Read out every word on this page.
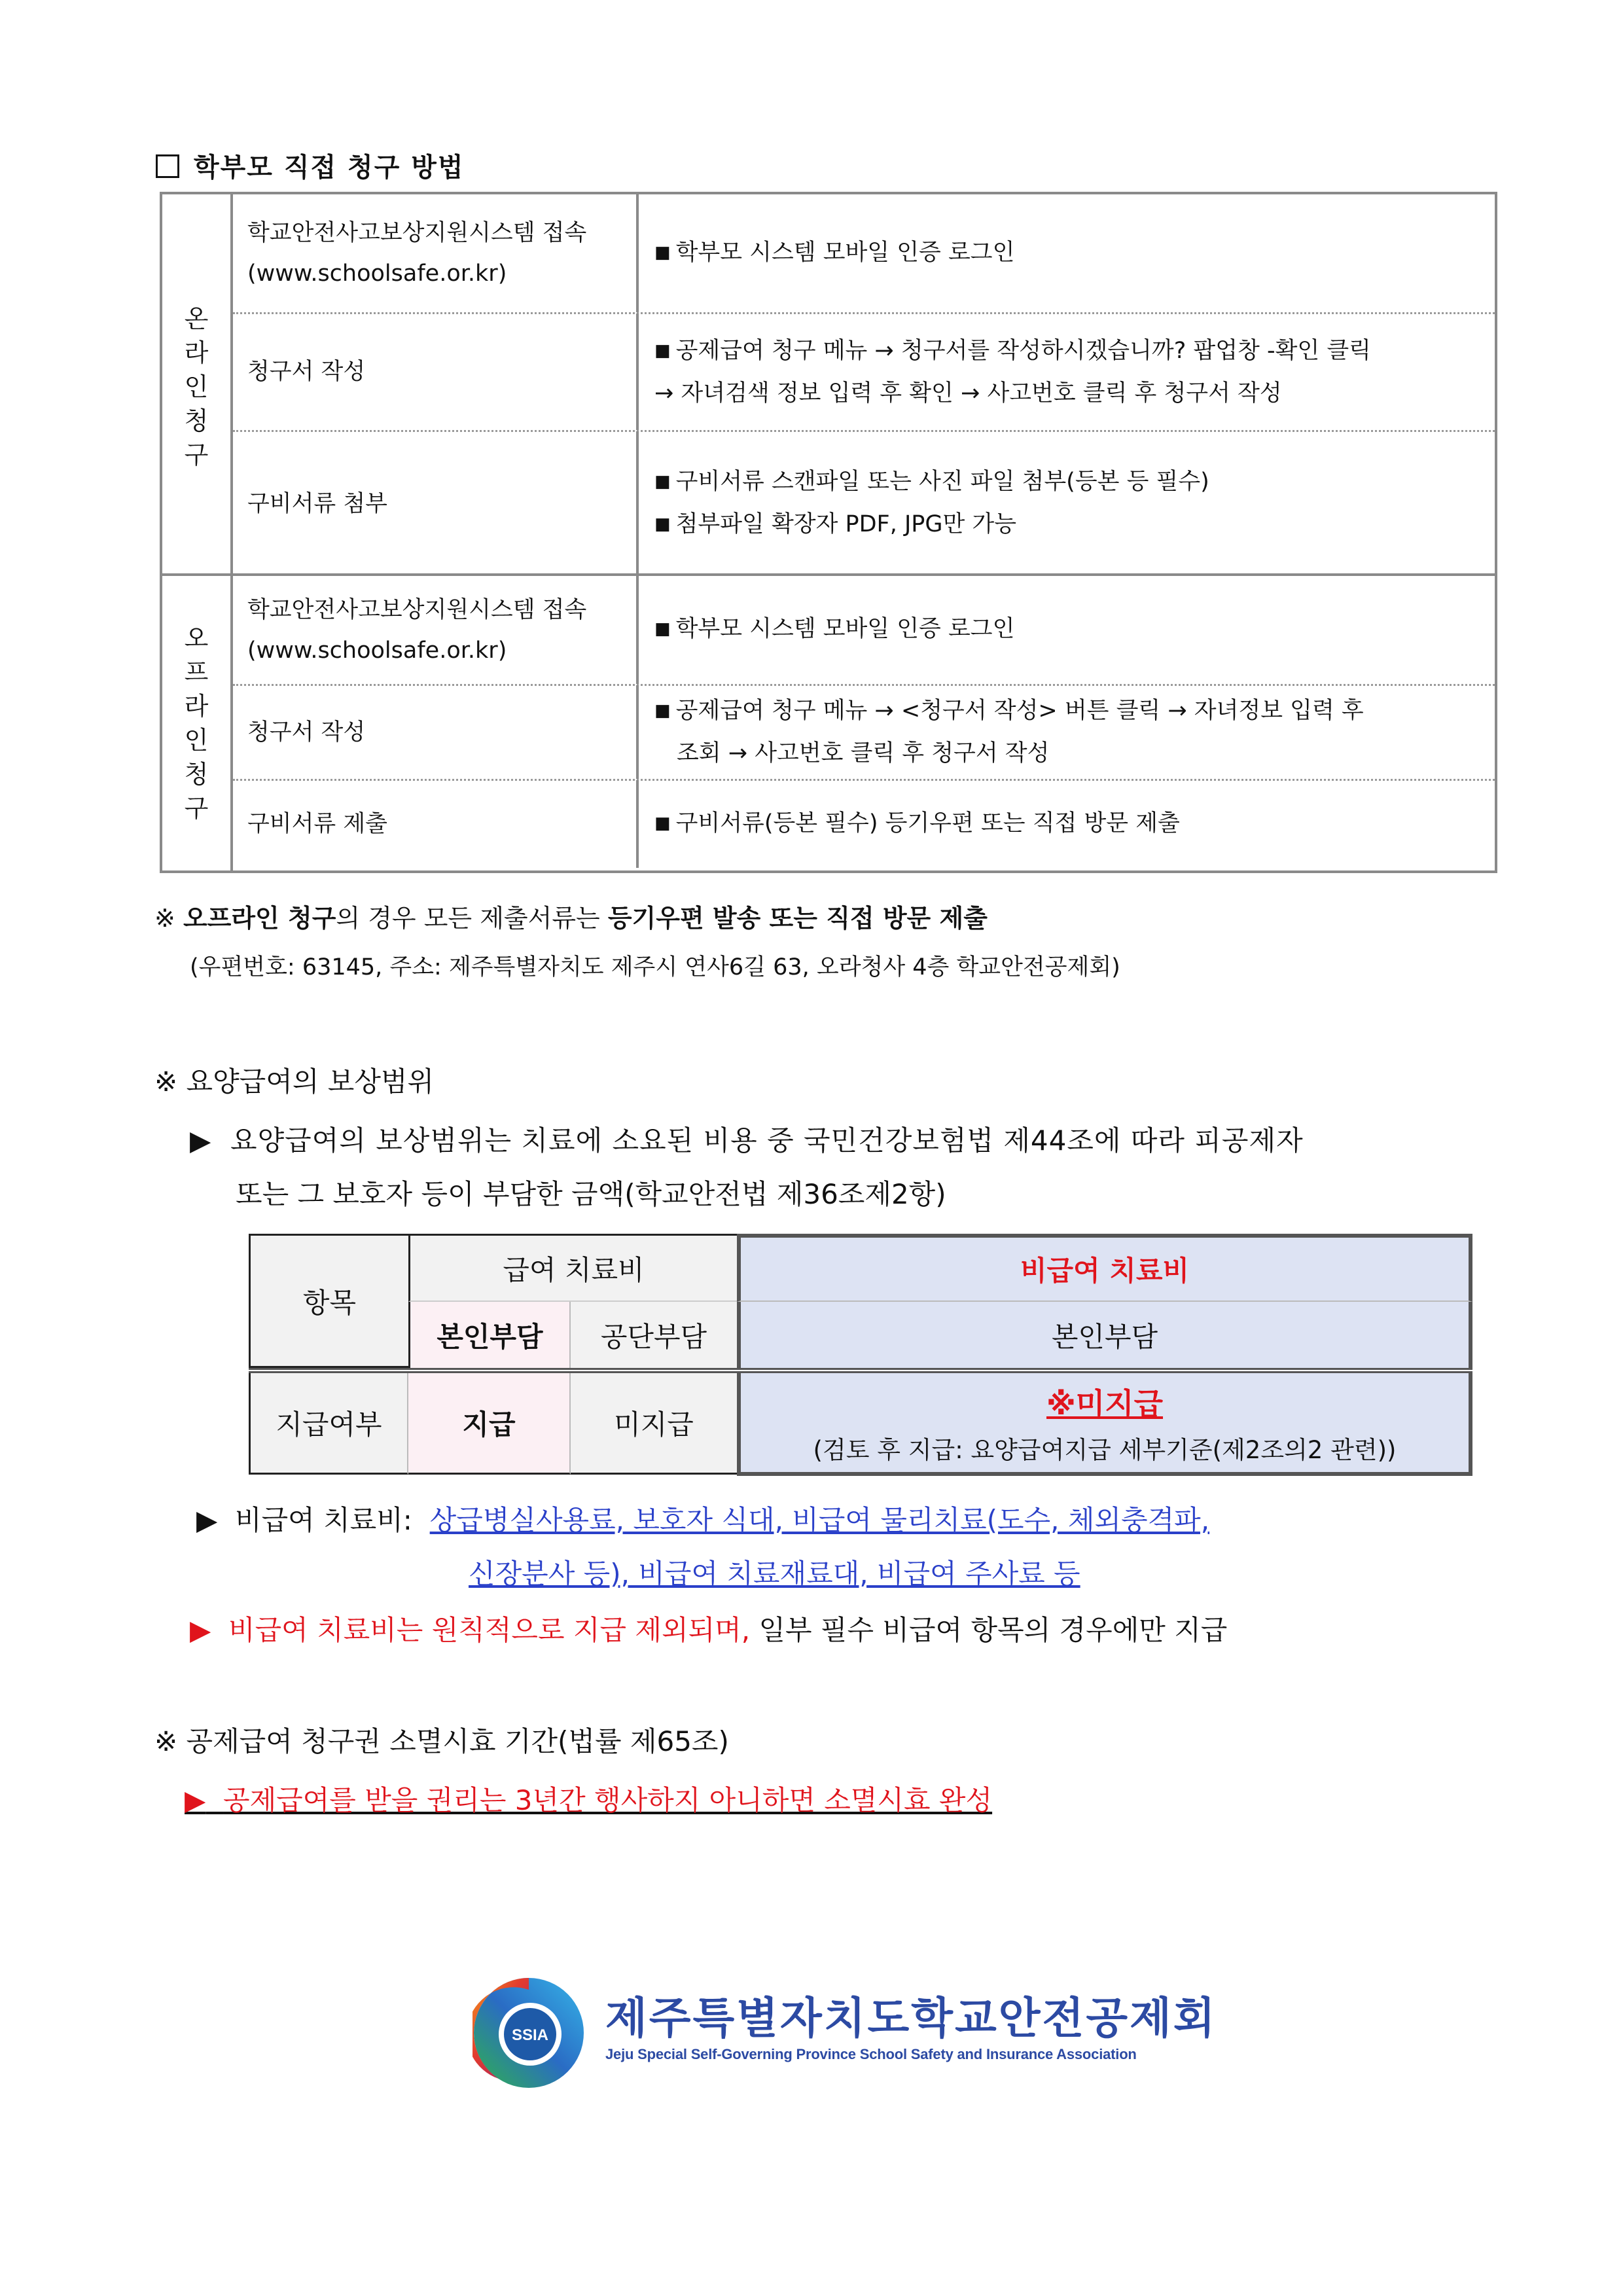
학부모 직접 청구 방법
온라인청구
학교안전사고보상지원시스템 접속
(www.schoolsafe.or.kr)
■ 학부모 시스템 모바일 인증 로그인
청구서 작성
■ 공제급여 청구 메뉴 → 청구서를 작성하시겠습니까? 팝업창 -확인 클릭
→ 자녀검색 정보 입력 후 확인 → 사고번호 클릭 후 청구서 작성
구비서류 첨부
■ 구비서류 스캔파일 또는 사진 파일 첨부(등본 등 필수)
■ 첨부파일 확장자 PDF, JPG만 가능
오프라인청구
학교안전사고보상지원시스템 접속
(www.schoolsafe.or.kr)
■ 학부모 시스템 모바일 인증 로그인
청구서 작성
■ 공제급여 청구 메뉴 → <청구서 작성> 버튼 클릭 → 자녀정보 입력 후
조회 → 사고번호 클릭 후 청구서 작성
구비서류 제출
■	구비서류(등본 필수) 등기우편 또는 직접 방문 제출
※ 오프라인 청구의 경우 모든 제출서류는 등기우편 발송 또는 직접 방문 제출
(우편번호: 63145, 주소: 제주특별자치도 제주시 연사6길 63, 오라청사 4층 학교안전공제회)
※ 요양급여의 보상범위
▶ 요양급여의 보상범위는 치료에 소요된 비용 중 국민건강보험법 제44조에 따라 피공제자
또는 그 보호자 등이 부담한 금액(학교안전법 제36조제2항)
항목
급여 치료비
본인부담	공단부담
비급여 치료비
본인부담
지급여부	지급	미지급
※미지급
(검토 후 지급: 요양급여지급 세부기준(제2조의2 관련))
▶ 비급여 치료비: 상급병실사용료, 보호자 식대, 비급여 물리치료(도수, 체외충격파,
신장분사 등), 비급여 치료재료대, 비급여 주사료 등
▶ 비급여 치료비는 원칙적으로 지급 제외되며, 일부 필수 비급여 항목의 경우에만 지급
※ 공제급여 청구권 소멸시효 기간(법률 제65조)
▶ 공제급여를 받을 권리는 3년간 행사하지 아니하면 소멸시효 완성
SSIA 제주특별자치도학교안전공제회
Jeju Special Self-Governing Province School Safety and Insurance Association
